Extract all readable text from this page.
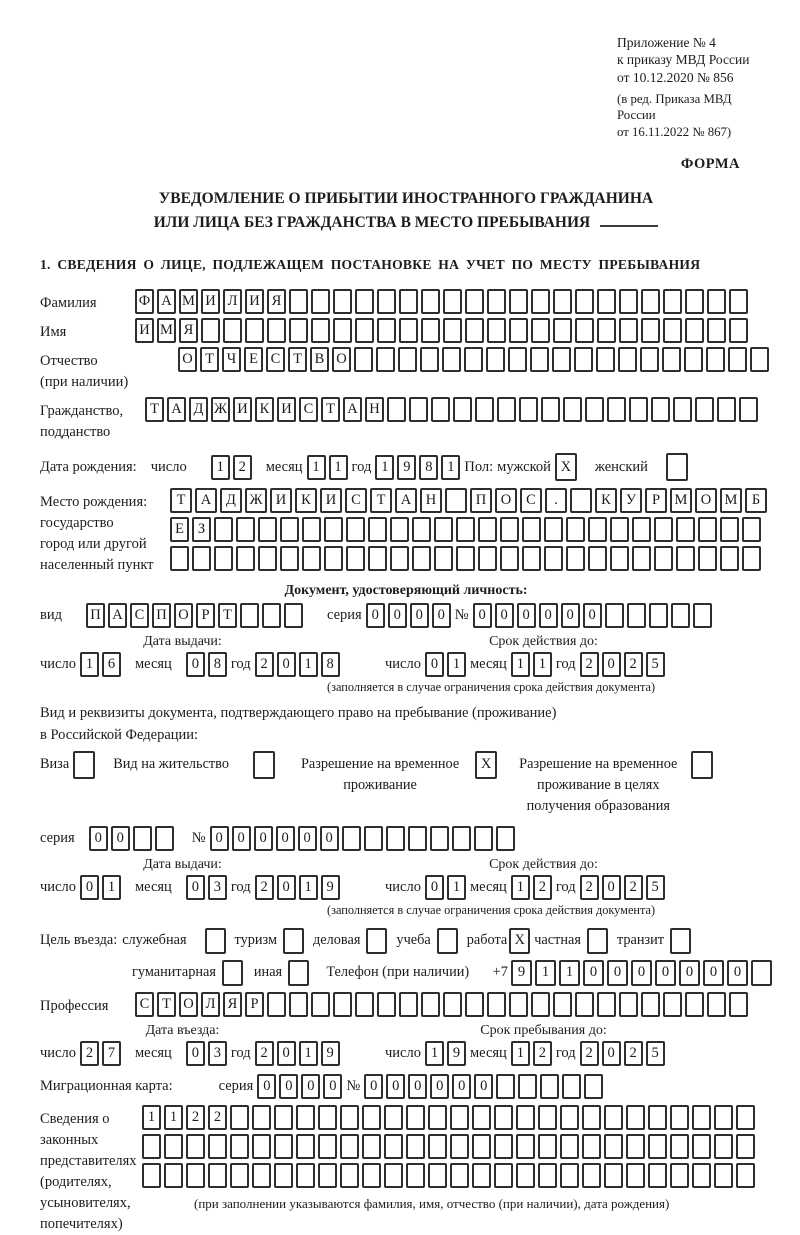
Приложение № 4
к приказу МВД России
от 10.12.2020 № 856
(в ред. Приказа МВД России
от 16.11.2022 № 867)
ФОРМА
УВЕДОМЛЕНИЕ О ПРИБЫТИИ ИНОСТРАННОГО ГРАЖДАНИНА
ИЛИ ЛИЦА БЕЗ ГРАЖДАНСТВА В МЕСТО ПРЕБЫВАНИЯ
1. СВЕДЕНИЯ О ЛИЦЕ, ПОДЛЕЖАЩЕМ ПОСТАНОВКЕ НА УЧЕТ ПО МЕСТУ ПРЕБЫВАНИЯ
Фамилия	Ф А М И Л И Я
Имя	И М Я
Отчество
(при наличии)
О Т Ч Е С Т В О
Гражданство,
подданство
Т А Д Ж И К И С Т А Н
Дата рождения: число	1	2	месяц 1	1 год 1	9	8	1 Пол: мужской X	женский
Место рождения:
государство
город или другой
населенный пункт
Т	А	Д Ж И	К	И	С	Т	А	Н	П	О	С	.	К	У	Р	М О М Б
Е З
Документ, удостоверяющий личность:
вид П А С П О Р Т	серия 0	0	0	0 № 0	0	0	0	0	0
Дата выдачи:
число 1	6	месяц	0	8 год 2	0	1	8
Срок действия до:
число 0	1 месяц 1	1 год 2	0	2	5
(заполняется в случае ограничения срока действия документа)
Вид и реквизиты документа, подтверждающего право на пребывание (проживание)
в Российской Федерации:
Виза	Вид на жительство	Разрешение на временное
проживание
X	Разрешение на временное
проживание в целях
получения образования
серия	0	0	№ 0	0	0	0	0	0
Дата выдачи:
число 0	1	месяц	0	3 год 2	0	1	9
Срок действия до:
число 0	1 месяц 1	2 год 2	0	2	5
(заполняется в случае ограничения срока действия документа)
Цель въезда: служебная	туризм	деловая	учеба	работа X частная	транзит
гуманитарная	иная	Телефон (при наличии) +7 9	1	1	0	0	0	0	0	0	0
Профессия	С Т О Л Я Р
Дата въезда:
число 2	7	месяц	0	3 год 2	0	1	9
Срок пребывания до:
число 1	9 месяц 1	2 год 2	0	2	5
Миграционная карта:	серия 0	0	0	0 № 0	0	0	0	0	0
Сведения о
законных
представителях
(родителях,
усыновителях,
попечителях)
1	1	2	2
(при заполнении указываются фамилия, имя, отчество (при наличии), дата рождения)
